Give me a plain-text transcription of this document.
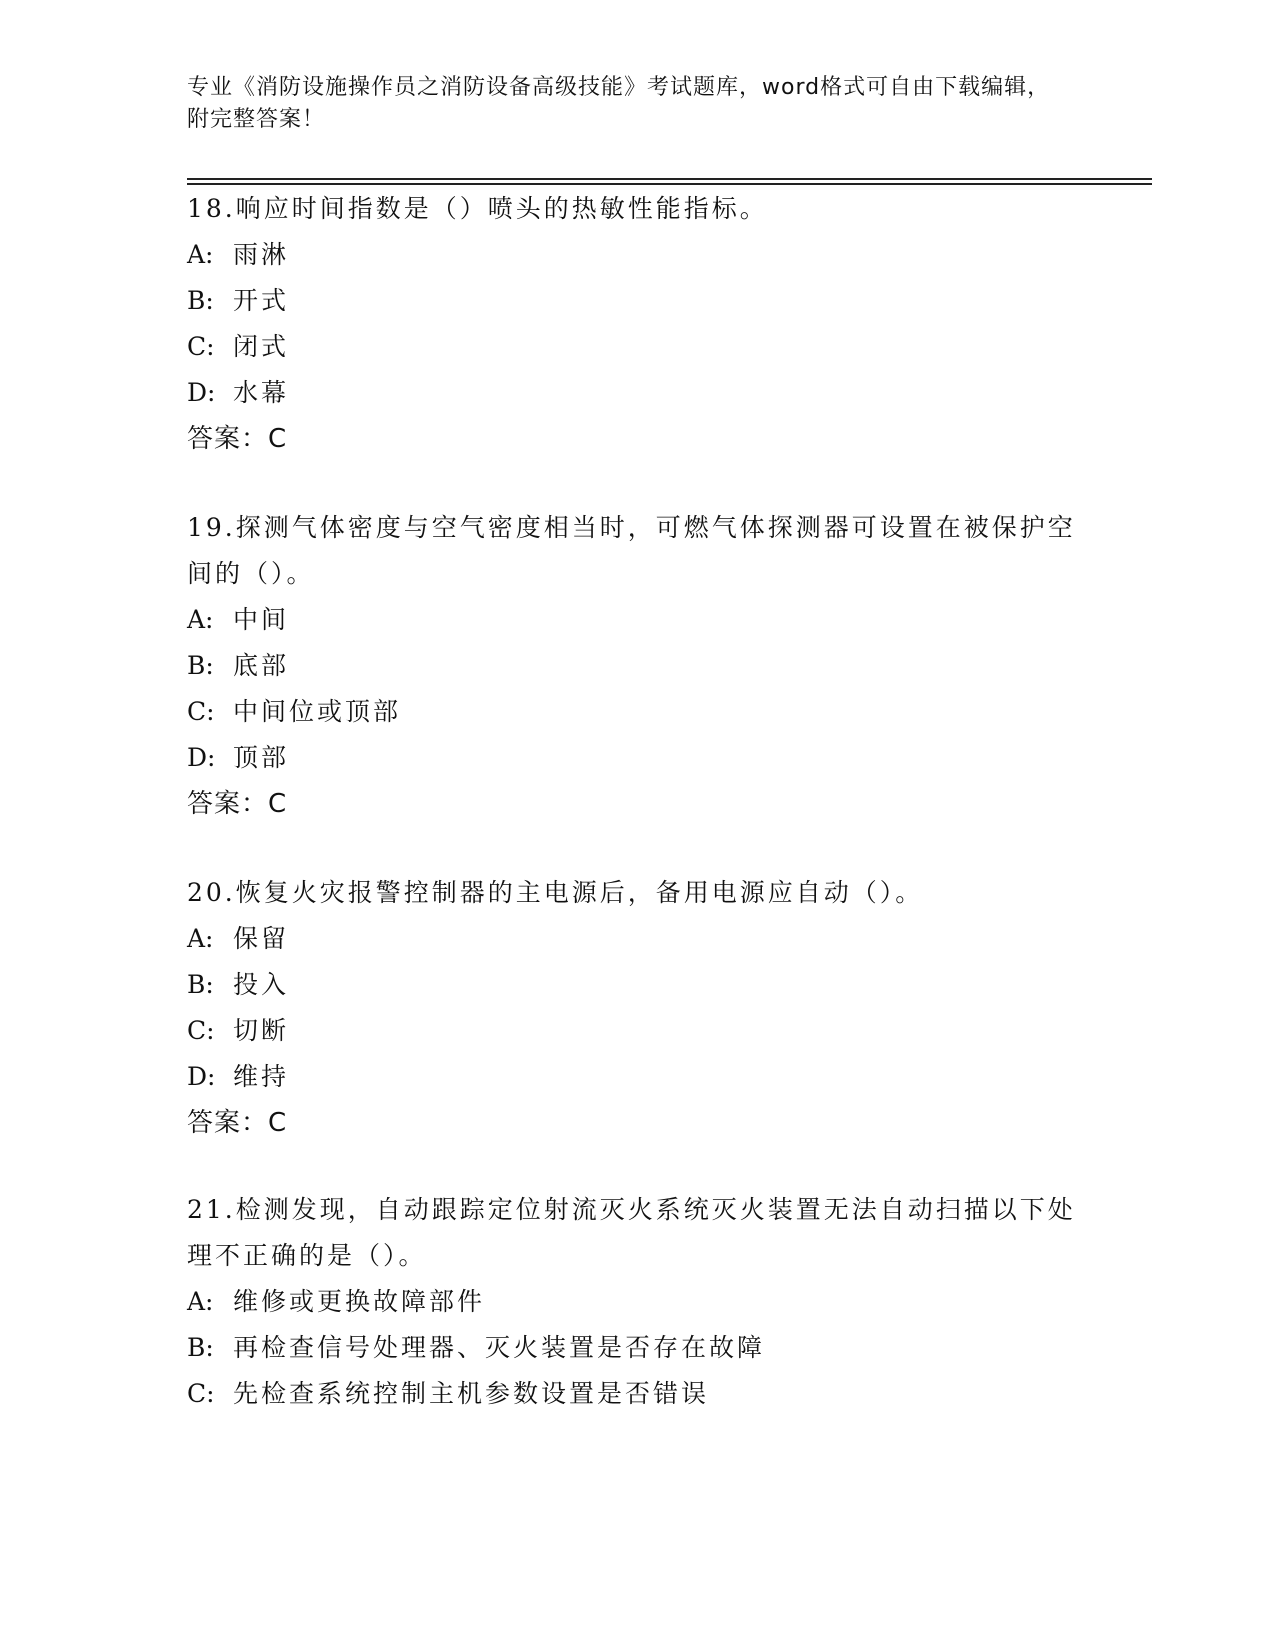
专业《消防设施操作员之消防设备高级技能》考试题库，word格式可自由下载编辑，附完整答案！

18.响应时间指数是（）喷头的热敏性能指标。

A: 雨淋

B: 开式

C: 闭式

D: 水幕

答案：C

19.探测气体密度与空气密度相当时，可燃气体探测器可设置在被保护空间的（）。

A: 中间

B: 底部

C: 中间位或顶部

D: 顶部

答案：C

20.恢复火灾报警控制器的主电源后，备用电源应自动（）。

A: 保留

B: 投入

C: 切断

D: 维持

答案：C

21.检测发现，自动跟踪定位射流灭火系统灭火装置无法自动扫描以下处理不正确的是（）。

A: 维修或更换故障部件

B: 再检查信号处理器、灭火装置是否存在故障

C: 先检查系统控制主机参数设置是否错误
